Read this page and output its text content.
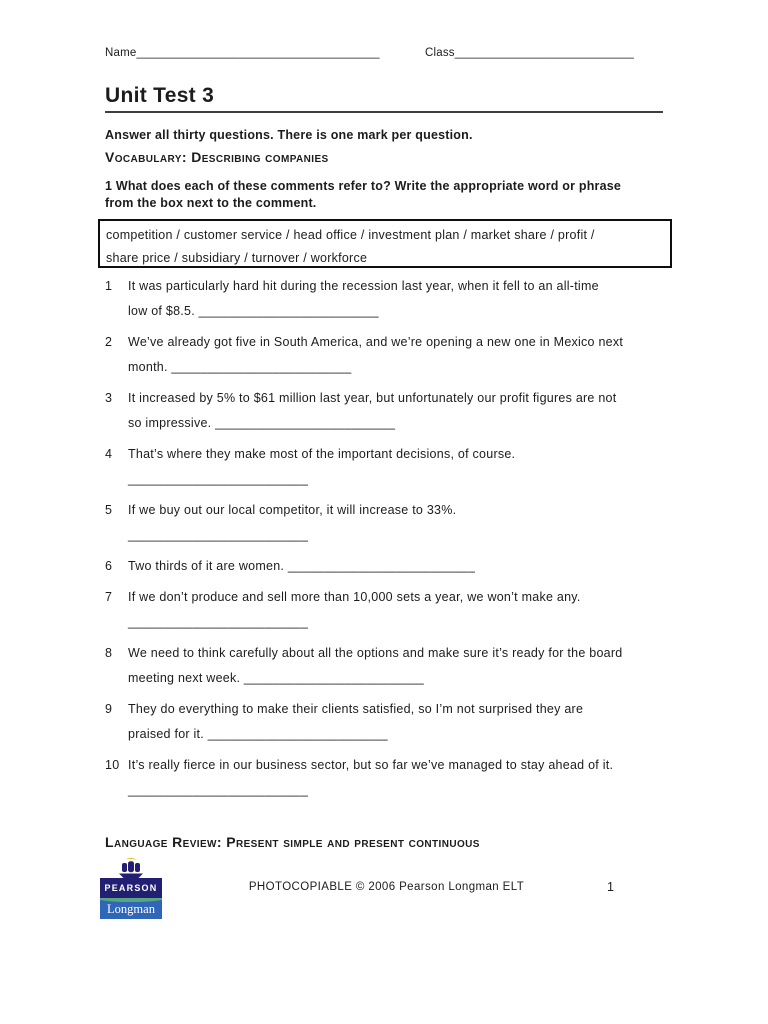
Name______________________________________	Class____________________________
Unit Test 3
Answer all thirty questions. There is one mark per question.
Vocabulary: Describing companies
1 What does each of these comments refer to? Write the appropriate word or phrase
from the box next to the comment.
competition / customer service / head office / investment plan / market share / profit /
share price / subsidiary / turnover / workforce
1	It was particularly hard hit during the recession last year, when it fell to an all-time
low of $8.5. _________________________
2	We’ve already got five in South America, and we’re opening a new one in Mexico next
month. _________________________
3	It increased by 5% to $61 million last year, but unfortunately our profit figures are not
so impressive. _________________________
4	That’s where they make most of the important decisions, of course.
_________________________
5	If we buy out our local competitor, it will increase to 33%.
_________________________
6	Two thirds of it are women. __________________________
7	If we don’t produce and sell more than 10,000 sets a year, we won’t make any.
_________________________
8	We need to think carefully about all the options and make sure it’s ready for the board
meeting next week. _________________________
9	They do everything to make their clients satisfied, so I’m not surprised they are
praised for it. _________________________
10 It’s really fierce in our business sector, but so far we’ve managed to stay ahead of it.
_________________________
Language Review: Present simple and present continuous
PHOTOCOPIABLE © 2006 Pearson Longman ELT	1
PEARSON
Longman
